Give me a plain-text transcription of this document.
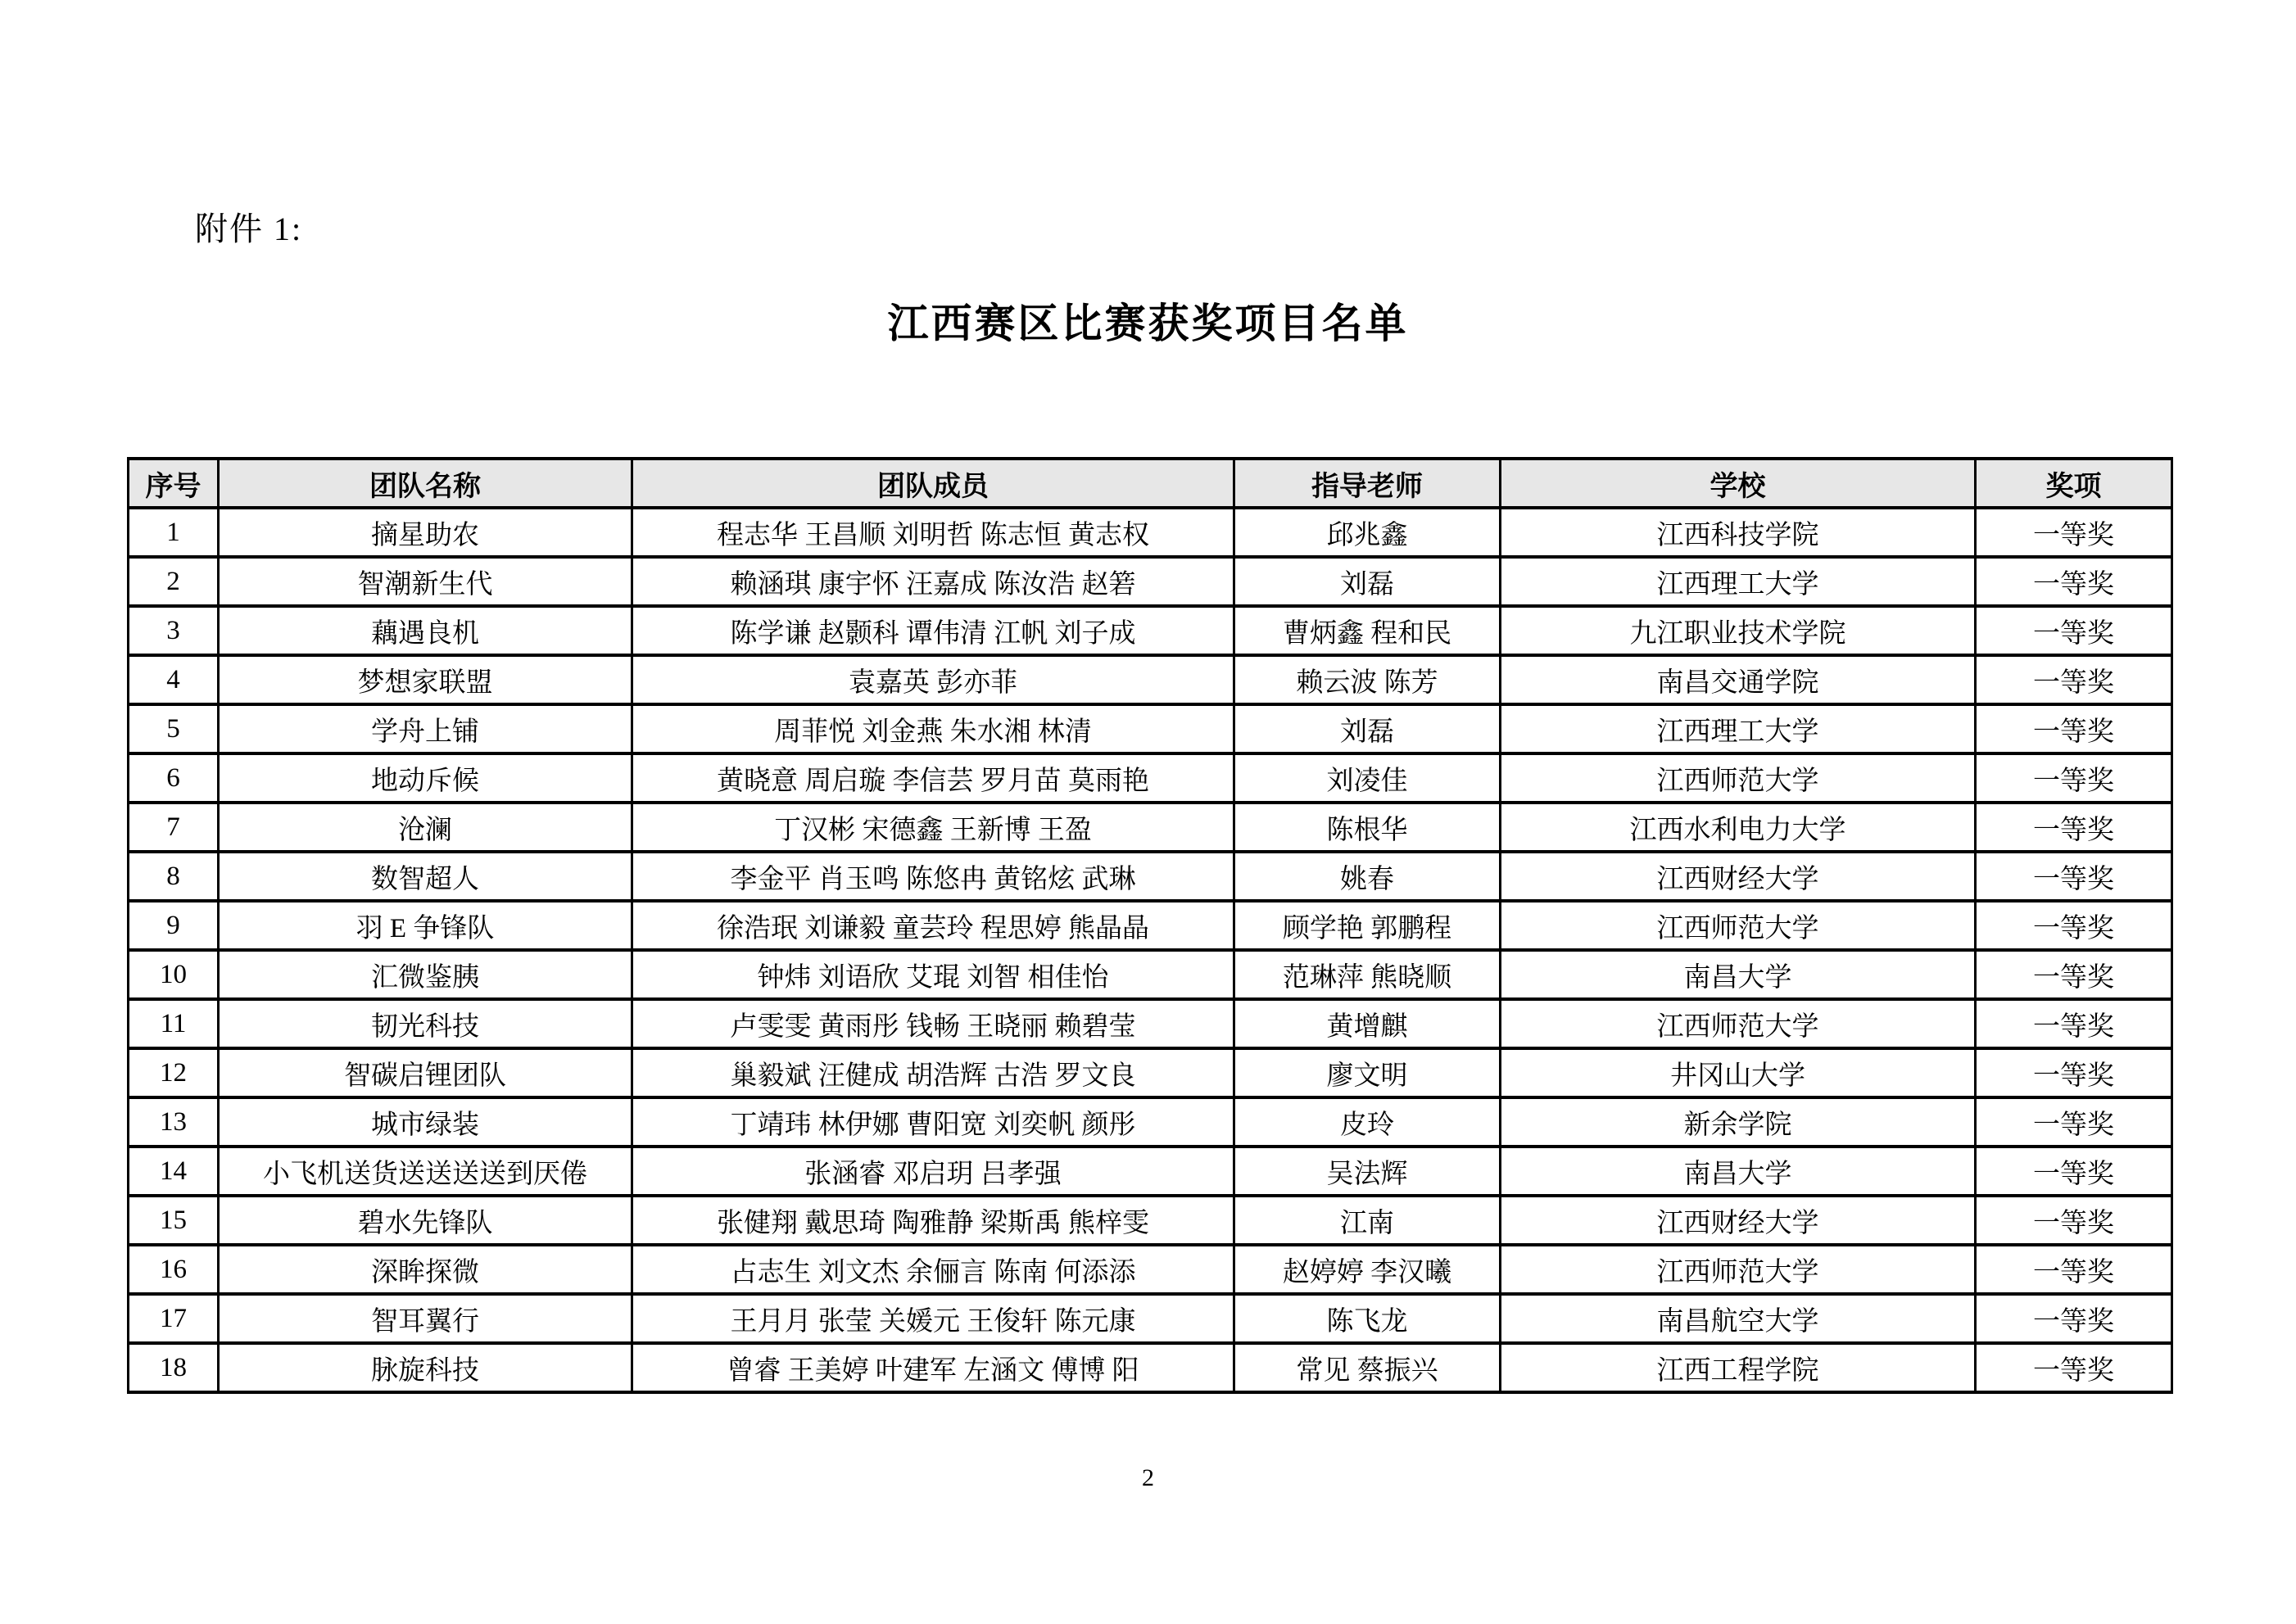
附件 1:
江西赛区比赛获奖项目名单
序号	团队名称	团队成员	指导老师	学校	奖项
1	摘星助农	程志华 王昌顺 刘明哲 陈志恒 黄志权	邱兆鑫	江西科技学院	一等奖
2	智潮新生代	赖涵琪 康宇怀 汪嘉成 陈汝浩 赵箬	刘磊	江西理工大学	一等奖
3	藕遇良机	陈学谦 赵颢科 谭伟清 江帆 刘子成	曹炳鑫 程和民	九江职业技术学院	一等奖
4	梦想家联盟	袁嘉英 彭亦菲	赖云波 陈芳	南昌交通学院	一等奖
5	学舟上铺	周菲悦 刘金燕 朱水湘 林清	刘磊	江西理工大学	一等奖
6	地动斥候	黄晓意 周启璇 李信芸 罗月苗 莫雨艳	刘凌佳	江西师范大学	一等奖
7	沧澜	丁汉彬 宋德鑫 王新博 王盈	陈根华	江西水利电力大学	一等奖
8	数智超人	李金平 肖玉鸣 陈悠冉 黄铭炫 武琳	姚春	江西财经大学	一等奖
9	羽 E 争锋队	徐浩珉 刘谦毅 童芸玲 程思婷 熊晶晶	顾学艳 郭鹏程	江西师范大学	一等奖
10	汇微鉴胰	钟炜 刘语欣 艾琨 刘智 相佳怡	范琳萍 熊晓顺	南昌大学	一等奖
11	韧光科技	卢雯雯 黄雨彤 钱畅 王晓丽 赖碧莹	黄增麒	江西师范大学	一等奖
12	智碳启锂团队	巢毅斌 汪健成 胡浩辉 古浩 罗文良	廖文明	井冈山大学	一等奖
13	城市绿装	丁靖玮 林伊娜 曹阳宽 刘奕帆 颜彤	皮玲	新余学院	一等奖
14	小飞机送货送送送送到厌倦	张涵睿 邓启玥 吕孝强	吴法辉	南昌大学	一等奖
15	碧水先锋队	张健翔 戴思琦 陶雅静 梁斯禹 熊梓雯	江南	江西财经大学	一等奖
16	深眸探微	占志生 刘文杰 余俪言 陈南 何添添	赵婷婷 李汉曦	江西师范大学	一等奖
17	智耳翼行	王月月 张莹 关媛元 王俊轩 陈元康	陈飞龙	南昌航空大学	一等奖
18	脉旋科技	曾睿 王美婷 叶建军 左涵文 傅博 阳	常见 蔡振兴	江西工程学院	一等奖
2
